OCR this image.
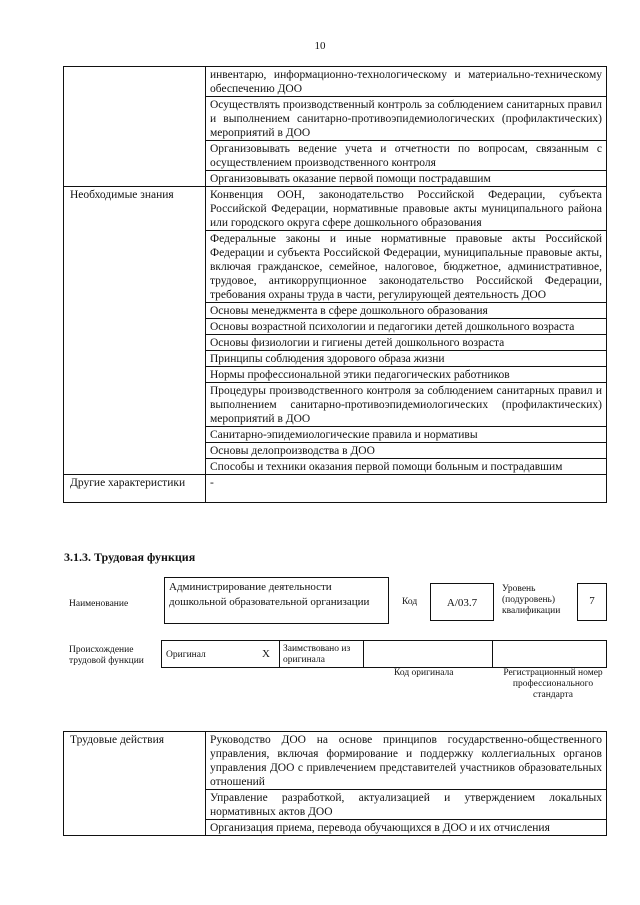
10
	инвентарю, информационно-технологическому и материально-техническому обеспечению ДОО
	Осуществлять производственный контроль за соблюдением санитарных правил и выполнением санитарно-противоэпидемиологических (профилактических) мероприятий в ДОО
	Организовывать ведение учета и отчетности по вопросам, связанным с осуществлением производственного контроля
	Организовывать оказание первой помощи пострадавшим
Необходимые знания	Конвенция ООН, законодательство Российской Федерации, субъекта Российской Федерации, нормативные правовые акты муниципального района или городского округа сфере дошкольного образования
	Федеральные законы и иные нормативные правовые акты Российской Федерации и субъекта Российской Федерации, муниципальные правовые акты, включая гражданское, семейное, налоговое, бюджетное, административное, трудовое, антикоррупционное законодательство Российской Федерации, требования охраны труда в части, регулирующей деятельность ДОО
	Основы менеджмента в сфере дошкольного образования
	Основы возрастной психологии и педагогики детей дошкольного возраста
	Основы физиологии и гигиены детей дошкольного возраста
	Принципы соблюдения здорового образа жизни
	Нормы профессиональной этики педагогических работников
	Процедуры производственного контроля за соблюдением санитарных правил и выполнением санитарно-противоэпидемиологических (профилактических) мероприятий в ДОО
	Санитарно-эпидемиологические правила и нормативы
	Основы делопроизводства в ДОО
	Способы и техники оказания первой помощи больным и пострадавшим
Другие характеристики	-
3.1.3. Трудовая функция
Наименование
Администрирование деятельности дошкольной образовательной организации	Код	А/03.7
Уровень (подуровень) квалификации
7
Происхождение трудовой функции
Оригинал	X Заимствовано из оригинала
Код оригинала	Регистрационный номер профессионального стандарта
Трудовые действия	Руководство ДОО на основе принципов государственно-общественного управления, включая формирование и поддержку коллегиальных органов управления ДОО с привлечением представителей участников образовательных отношений
Управление разработкой, актуализацией и утверждением локальных нормативных актов ДОО
Организация приема, перевода обучающихся в ДОО и их отчисления
